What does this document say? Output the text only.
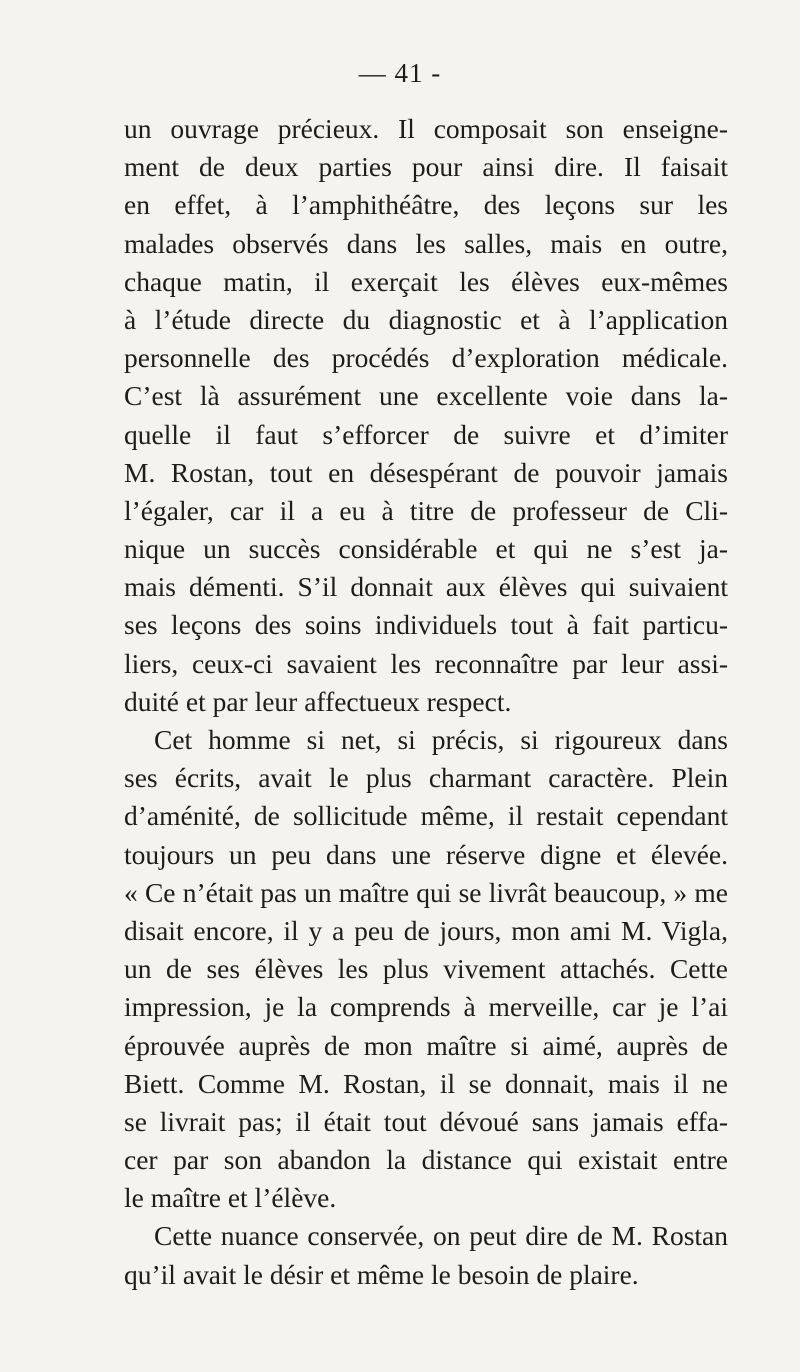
— 41 -
un ouvrage précieux. Il composait son enseigne-
ment de deux parties pour ainsi dire. Il faisait
en effet, à l’amphithéâtre, des leçons sur les
malades observés dans les salles, mais en outre,
chaque matin, il exerçait les élèves eux-mêmes
à l’étude directe du diagnostic et à l’application
personnelle des procédés d’exploration médicale.
C’est là assurément une excellente voie dans la-
quelle il faut s’efforcer de suivre et d’imiter
M. Rostan, tout en désespérant de pouvoir jamais
l’égaler, car il a eu à titre de professeur de Cli-
nique un succès considérable et qui ne s’est ja-
mais démenti. S’il donnait aux élèves qui suivaient
ses leçons des soins individuels tout à fait particu-
liers, ceux-ci savaient les reconnaître par leur assi-
duité et par leur affectueux respect.
Cet homme si net, si précis, si rigoureux dans
ses écrits, avait le plus charmant caractère. Plein
d’aménité, de sollicitude même, il restait cependant
toujours un peu dans une réserve digne et élevée.
« Ce n’était pas un maître qui se livrât beaucoup, » me
disait encore, il y a peu de jours, mon ami M. Vigla,
un de ses élèves les plus vivement attachés. Cette
impression, je la comprends à merveille, car je l’ai
éprouvée auprès de mon maître si aimé, auprès de
Biett. Comme M. Rostan, il se donnait, mais il ne
se livrait pas; il était tout dévoué sans jamais effa-
cer par son abandon la distance qui existait entre
le maître et l’élève.
Cette nuance conservée, on peut dire de M. Rostan
qu’il avait le désir et même le besoin de plaire.
